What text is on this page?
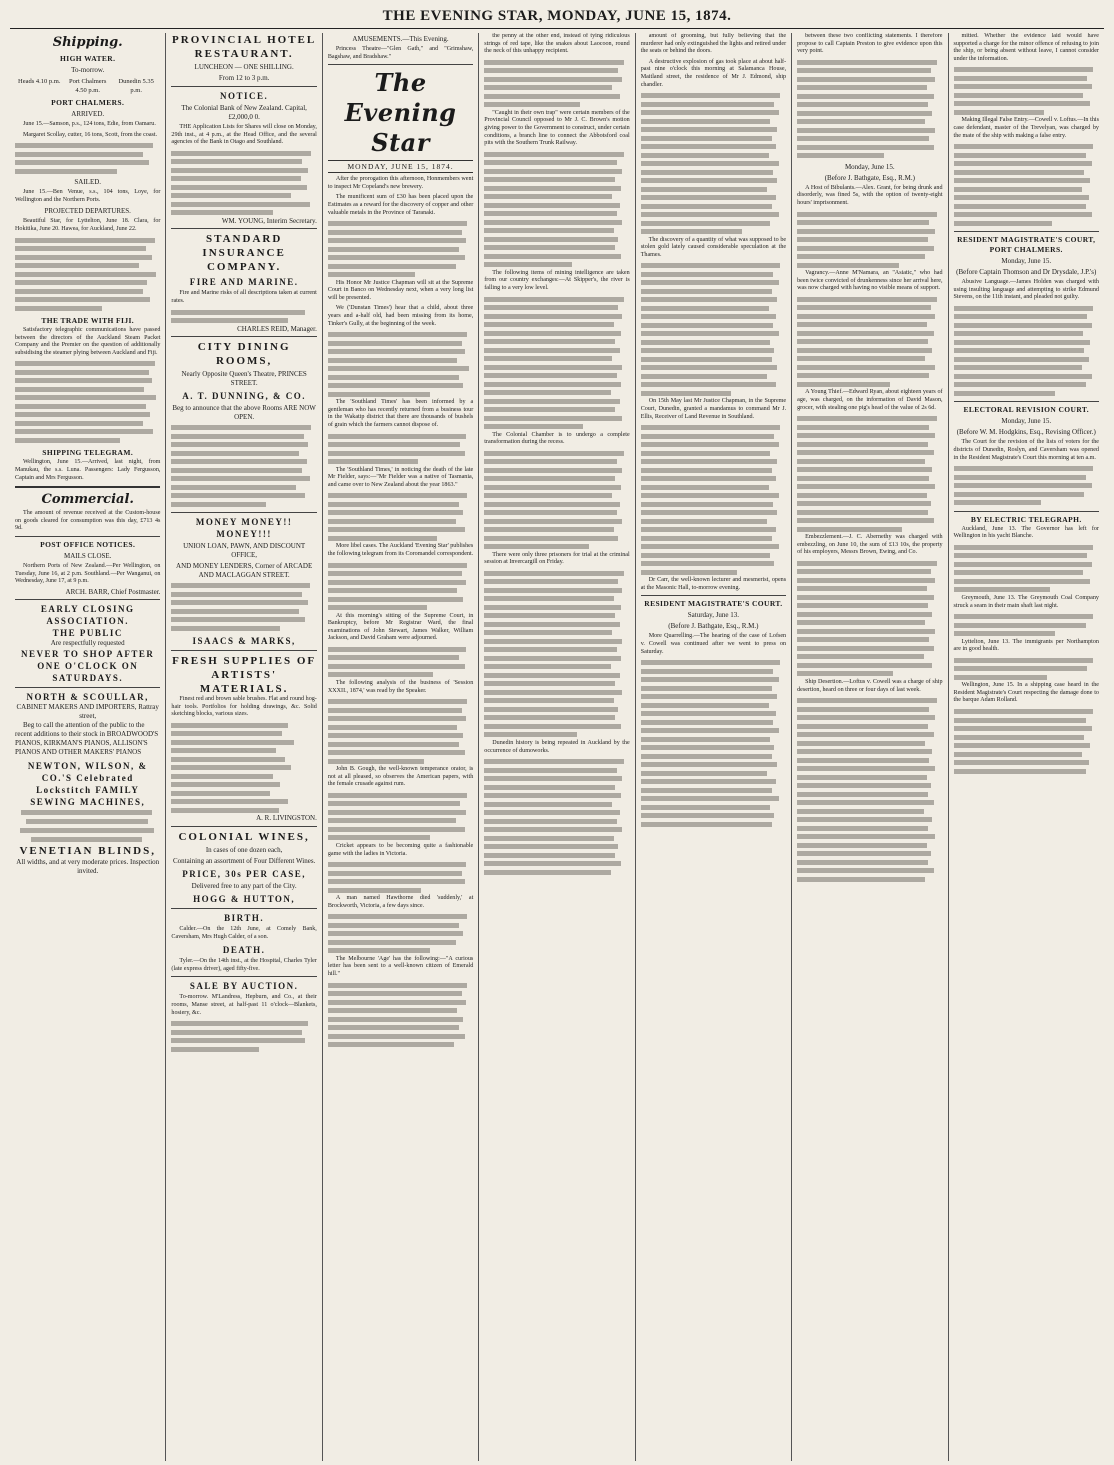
THE EVENING STAR, MONDAY, JUNE 15, 1874.
Shipping.
HIGH WATER.
To-morrow.
Heads 4.10 p.m.	Port Chalmers 4.50 p.m.
Dunedin 5.35 p.m.
PORT CHALMERS.
ARRIVED.

June 15.—Samson, p.s., 124 tons, Edie, from Oamaru.

Margaret Scollay, cutter, 16 tons, Scott, from the coast.

SAILED.

June 15.—Ben Venue, s.s., 104 tons, Loye, for Wellington and the Northern Ports.

PROJECTED DEPARTURES.

Beautiful Star, for Lyttelton, June 18. Clara, for Hokitika, June 20. Hawea, for Auckland, June 22.

THE TRADE WITH FIJI.

Satisfactory telegraphic communications have passed between the directors of the Auckland Steam Packet Company and the Premier on the question of additionally subsidising the steamer plying between Auckland and Fiji.

SHIPPING TELEGRAM.

Wellington, June 15.—Arrived, last night, from Manukau, the s.s. Luna. Passengers: Lady Fergusson, Captain and Mrs Fergusson.

Commercial.

The amount of revenue received at the Custom-house on goods cleared for consumption was this day, £713 4s 9d.

POST OFFICE NOTICES.
MAILS CLOSE.

Northern Ports of New Zealand.—Per Wellington, on Tuesday, June 16, at 2 p.m. Southland.—Per Wanganui, on Wednesday, June 17, at 9 p.m.

ARCH. BARR, Chief Postmaster.
EARLY CLOSING ASSOCIATION.
THE PUBLIC
Are respectfully requested
NEVER TO SHOP AFTER
ONE O'CLOCK ON SATURDAYS.
NORTH & SCOULLAR,
CABINET MAKERS AND IMPORTERS, Rattray street,

Beg to call the attention of the public to the recent additions to their stock in BROADWOOD'S PIANOS, KIRKMAN'S PIANOS, ALLISON'S PIANOS AND OTHER MAKERS' PIANOS

NEWTON, WILSON, & CO.'S Celebrated Lockstitch FAMILY SEWING MACHINES,
VENETIAN BLINDS,
All widths, and at very moderate prices. Inspection invited.
PROVINCIAL HOTEL RESTAURANT.
LUNCHEON — ONE SHILLING.
From 12 to 3 p.m.
NOTICE.
The Colonial Bank of New Zealand. Capital, £2,000,0 0.

THE Application Lists for Shares will close on Monday, 29th inst., at 4 p.m., at the Head Office, and the several agencies of the Bank in Otago and Southland.

WM. YOUNG, Interim Secretary.
STANDARD INSURANCE COMPANY.
FIRE AND MARINE.

Fire and Marine risks of all descriptions taken at current rates.

CHARLES REID, Manager.
CITY DINING ROOMS,
Nearly Opposite Queen's Theatre, PRINCES STREET.
A. T. DUNNING, & CO.
Beg to announce that the above Rooms ARE NOW OPEN.
MONEY MONEY!! MONEY!!!
UNION LOAN, PAWN, AND DISCOUNT OFFICE,
AND MONEY LENDERS, Corner of ARCADE AND MACLAGGAN STREET.
ISAACS & MARKS,
FRESH SUPPLIES OF ARTISTS' MATERIALS.

Finest red and brown sable brushes. Flat and round hog-hair tools. Portfolios for holding drawings, &c. Solid sketching blocks, various sizes.

A. R. LIVINGSTON.
COLONIAL WINES,
In cases of one dozen each,
Containing an assortment of Four Different Wines.
PRICE, 30s PER CASE,
Delivered free to any part of the City.
HOGG & HUTTON,
BIRTH.

Calder.—On the 12th June, at Comely Bank, Caversham, Mrs Hugh Calder, of a son.

DEATH.

Tyler.—On the 14th inst., at the Hospital, Charles Tyler (late express driver), aged fifty-five.

SALE BY AUCTION.

To-morrow. M'Landress, Hepburn, and Co., at their rooms, Manse street, at half-past 11 o'clock—Blankets, hosiery, &c.

AMUSEMENTS.—This Evening.

Princess Theatre—"Glen Gath," and "Grimshaw, Bagshaw, and Bradshaw."

The Evening Star
MONDAY, JUNE 15, 1874.

After the prorogation this afternoon, Honmembers went to inspect Mr Copeland's new brewery.

The munificent sum of £30 has been placed upon the Estimates as a reward for the discovery of copper and other valuable metals in the Province of Taranaki.

His Honor Mr Justice Chapman will sit at the Supreme Court in Banco on Wednesday next, when a very long list will be presented.

We ('Dunstan Times') hear that a child, about three years and a-half old, had been missing from its home, Tinker's Gully, at the beginning of the week.

The 'Southland Times' has been informed by a gentleman who has recently returned from a business tour in the Wakatip district that there are thousands of bushels of grain which the farmers cannot dispose of.

The 'Southland Times,' in noticing the death of the late Mr Fielder, says:—"Mr Fielder was a native of Tasmania, and came over to New Zealand about the year 1863."

More libel cases. The Auckland 'Evening Star' publishes the following telegram from its Coromandel correspondent.

At this morning's sitting of the Supreme Court, in Bankruptcy, before Mr Registrar Ward, the final examinations of John Stewart, James Walker, William Jackson, and David Graham were adjourned.

The following analysis of the business of 'Session XXXII., 1874,' was read by the Speaker.

John B. Gough, the well-known temperance orator, is not at all pleased, so observes the American papers, with the female crusade against rum.

Cricket appears to be becoming quite a fashionable game with the ladies in Victoria.

A man named Hawthorne died 'suddenly,' at Brockworth, Victoria, a few days since.

The Melbourne 'Age' has the following:—"A curious letter has been sent to a well-known citizen of Emerald hill."

the penny at the other end, instead of tying ridiculous strings of red tape, like the snakes about Laocoon, round the neck of this unhappy recipient.

"Caught in their own trap" were certain members of the Provincial Council opposed to Mr J. C. Brown's motion giving power to the Government to construct, under certain conditions, a branch line to connect the Abbotsford coal pits with the Southern Trunk Railway.

The following items of mining intelligence are taken from our country exchanges:—At Skipper's, the river is falling to a very low level.

The Colonial Chamber is to undergo a complete transformation during the recess.

There were only three prisoners for trial at the criminal session at Invercargill on Friday.

Dunedin history is being repeated in Auckland by the occurrence of dumoworks.

amount of grooming, but fully believing that the murderer had only extinguished the lights and retired under the seats or behind the doors.

A destructive explosion of gas took place at about half-past nine o'clock this morning at Salamanca House, Maitland street, the residence of Mr J. Edmond, ship chandler.

The discovery of a quantity of what was supposed to be stolen gold lately caused considerable speculation at the Thames.

On 15th May last Mr Justice Chapman, in the Supreme Court, Dunedin, granted a mandamus to command Mr J. Ellis, Receiver of Land Revenue in Southland.

Dr Carr, the well-known lecturer and mesmerist, opens at the Masonic Hall, to-morrow evening.

RESIDENT MAGISTRATE'S COURT.
Saturday, June 13.
(Before J. Bathgate, Esq., R.M.)

More Quarrelling.—The hearing of the case of Lofsen v. Cowell was continued after we went to press on Saturday.

between these two conflicting statements. I therefore propose to call Captain Preston to give evidence upon this very point.

Monday, June 15.
(Before J. Bathgate, Esq., R.M.)

A Host of Bibulants.—Alex. Grant, for being drunk and disorderly, was fined 5s, with the option of twenty-eight hours' imprisonment.

Vagrancy.—Anne M'Namara, an "Asiatic," who had been twice convicted of drunkenness since her arrival here, was now charged with having no visible means of support.

A Young Thief.—Edward Ryan, about eighteen years of age, was charged, on the information of David Mason, grocer, with stealing one pig's head of the value of 2s 6d.

Embezzlement.—J. C. Abernethy was charged with embezzling, on June 10, the sum of £13 10s, the property of his employers, Messrs Brown, Ewing, and Co.

Ship Desertion.—Loftus v. Cowell was a charge of ship desertion, heard on three or four days of last week.

mitted. Whether the evidence laid would have supported a charge for the minor offence of refusing to join the ship, or being absent without leave, I cannot consider under the information.

Making Illegal False Entry.—Cowell v. Loftus.—In this case defendant, master of the Trevelyan, was charged by the mate of the ship with making a false entry.

RESIDENT MAGISTRATE'S COURT, PORT CHALMERS.
Monday, June 15.
(Before Captain Thomson and Dr Drysdale, J.P.'s)

Abusive Language.—James Holden was charged with using insulting language and attempting to strike Edmund Stevens, on the 11th instant, and pleaded not guilty.

ELECTORAL REVISION COURT.
Monday, June 15.
(Before W. M. Hodgkins, Esq., Revising Officer.)

The Court for the revision of the lists of voters for the districts of Dunedin, Roslyn, and Caversham was opened in the Resident Magistrate's Court this morning at ten a.m.

BY ELECTRIC TELEGRAPH.

Auckland, June 13. The Governor has left for Wellington in his yacht Blanche.

Greymouth, June 13. The Greymouth Coal Company struck a seam in their main shaft last night.

Lyttelton, June 13. The immigrants per Northampton are in good health.

Wellington, June 15. In a shipping case heard in the Resident Magistrate's Court respecting the damage done to the barque Adam Rolland.
